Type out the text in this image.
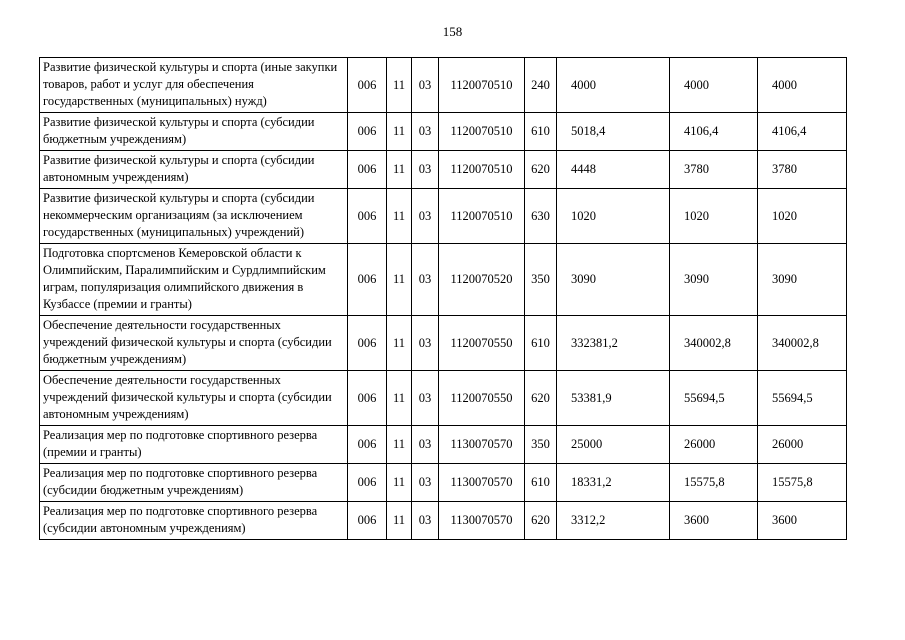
158
Развитие физической культуры и спорта (иные закупки товаров, работ и услуг для обеспечения государственных (муниципальных) нужд)	006	11	03	1120070510	240	4000	4000	4000
Развитие физической культуры и спорта (субсидии бюджетным учреждениям)	006	11	03	1120070510	610	5018,4	4106,4	4106,4
Развитие физической культуры и спорта (субсидии автономным учреждениям)	006	11	03	1120070510	620	4448	3780	3780
Развитие физической культуры и спорта (субсидии некоммерческим организациям (за исключением государственных (муниципальных) учреждений)	006	11	03	1120070510	630	1020	1020	1020
Подготовка спортсменов Кемеровской области к Олимпийским, Паралимпийским и Сурдлимпийским играм, популяризация олимпийского движения в Кузбассе (премии и гранты)	006	11	03	1120070520	350	3090	3090	3090
Обеспечение деятельности государственных учреждений физической культуры и спорта (субсидии бюджетным учреждениям)	006	11	03	1120070550	610	332381,2	340002,8	340002,8
Обеспечение деятельности государственных учреждений физической культуры и спорта (субсидии автономным учреждениям)	006	11	03	1120070550	620	53381,9	55694,5	55694,5
Реализация мер по подготовке спортивного резерва (премии и гранты)	006	11	03	1130070570	350	25000	26000	26000
Реализация мер по подготовке спортивного резерва (субсидии бюджетным учреждениям)	006	11	03	1130070570	610	18331,2	15575,8	15575,8
Реализация мер по подготовке спортивного резерва (субсидии автономным учреждениям)	006	11	03	1130070570	620	3312,2	3600	3600
